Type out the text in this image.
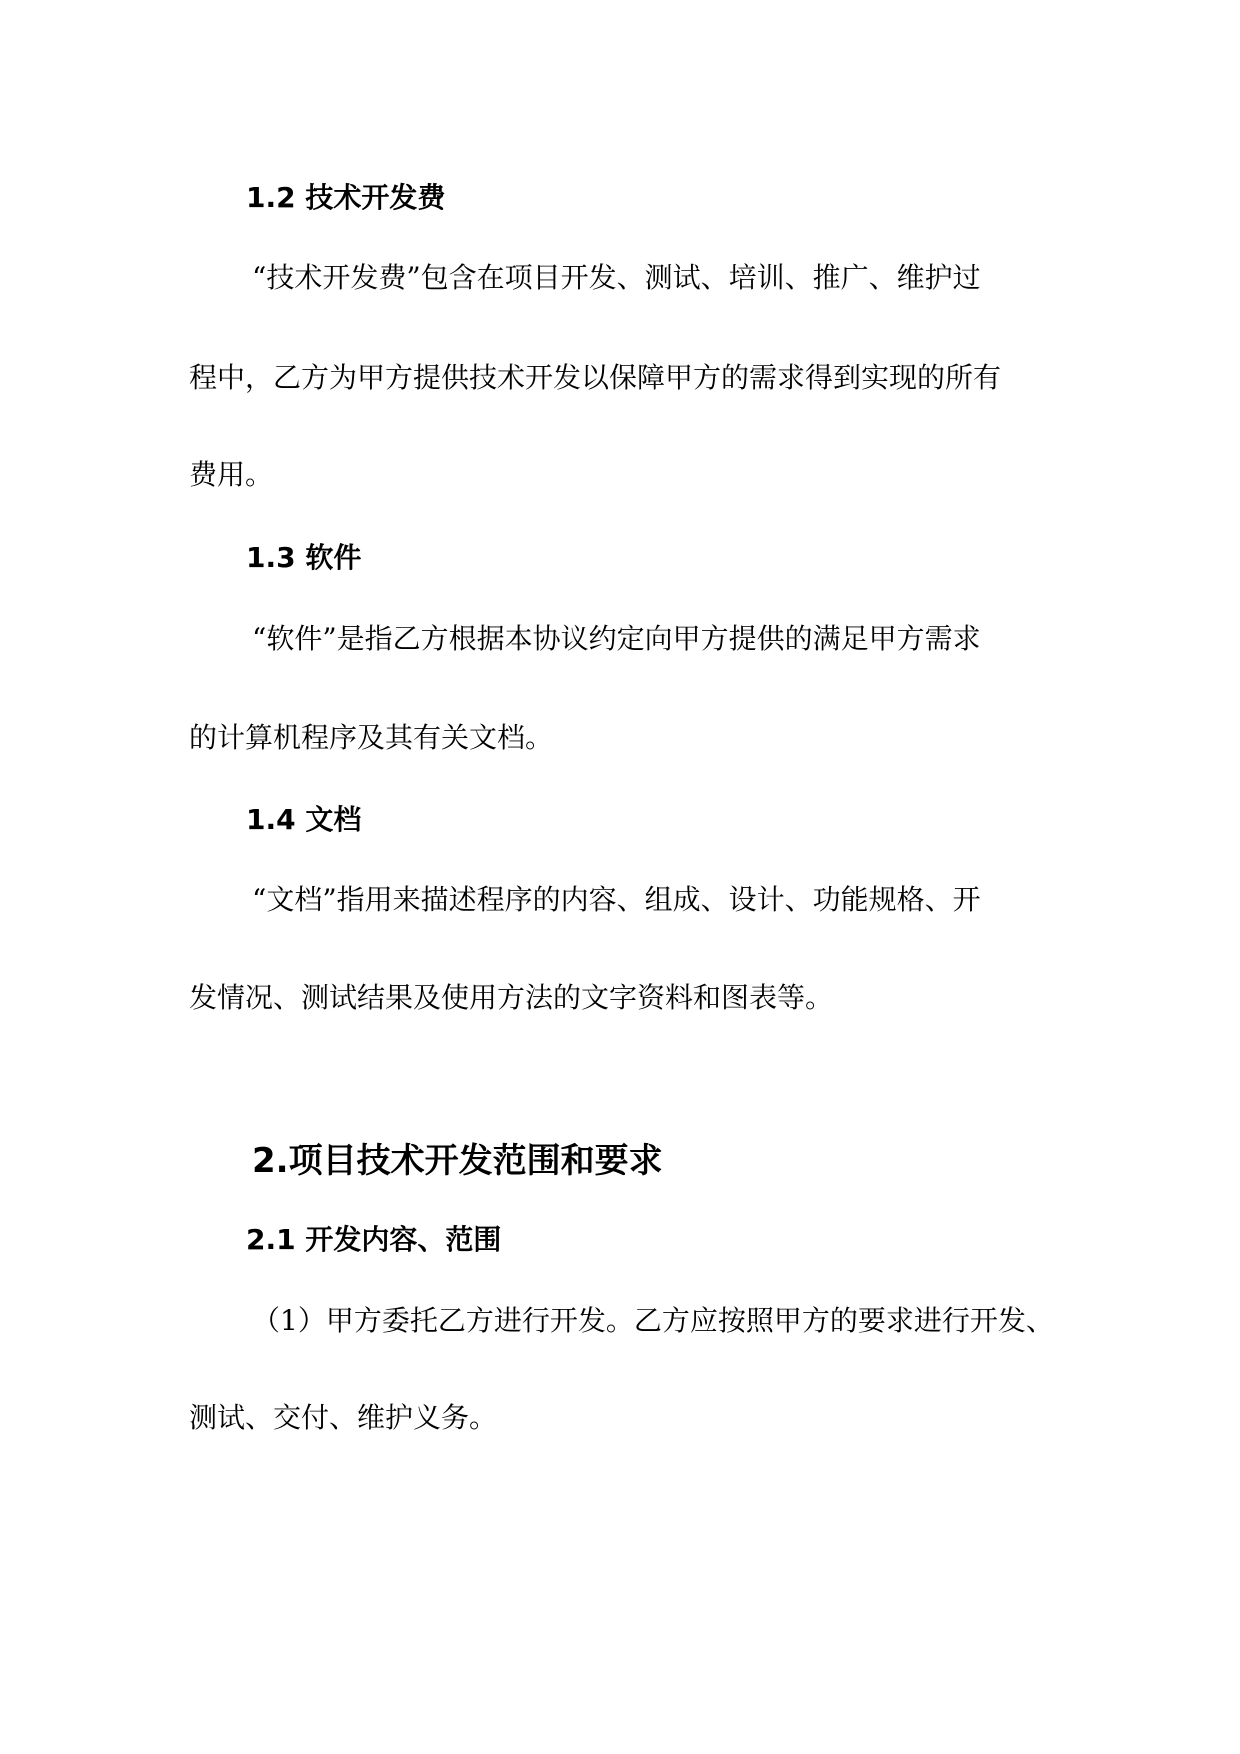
1.2 技术开发费

“技术开发费”包含在项目开发、测试、培训、推广、维护过

程中，乙方为甲方提供技术开发以保障甲方的需求得到实现的所有

费用。

1.3 软件

“软件”是指乙方根据本协议约定向甲方提供的满足甲方需求

的计算机程序及其有关文档。

1.4 文档

“文档”指用来描述程序的内容、组成、设计、功能规格、开

发情况、测试结果及使用方法的文字资料和图表等。

2.项目技术开发范围和要求
2.1 开发内容、范围

（1）甲方委托乙方进行开发。乙方应按照甲方的要求进行开发、

测试、交付、维护义务。
